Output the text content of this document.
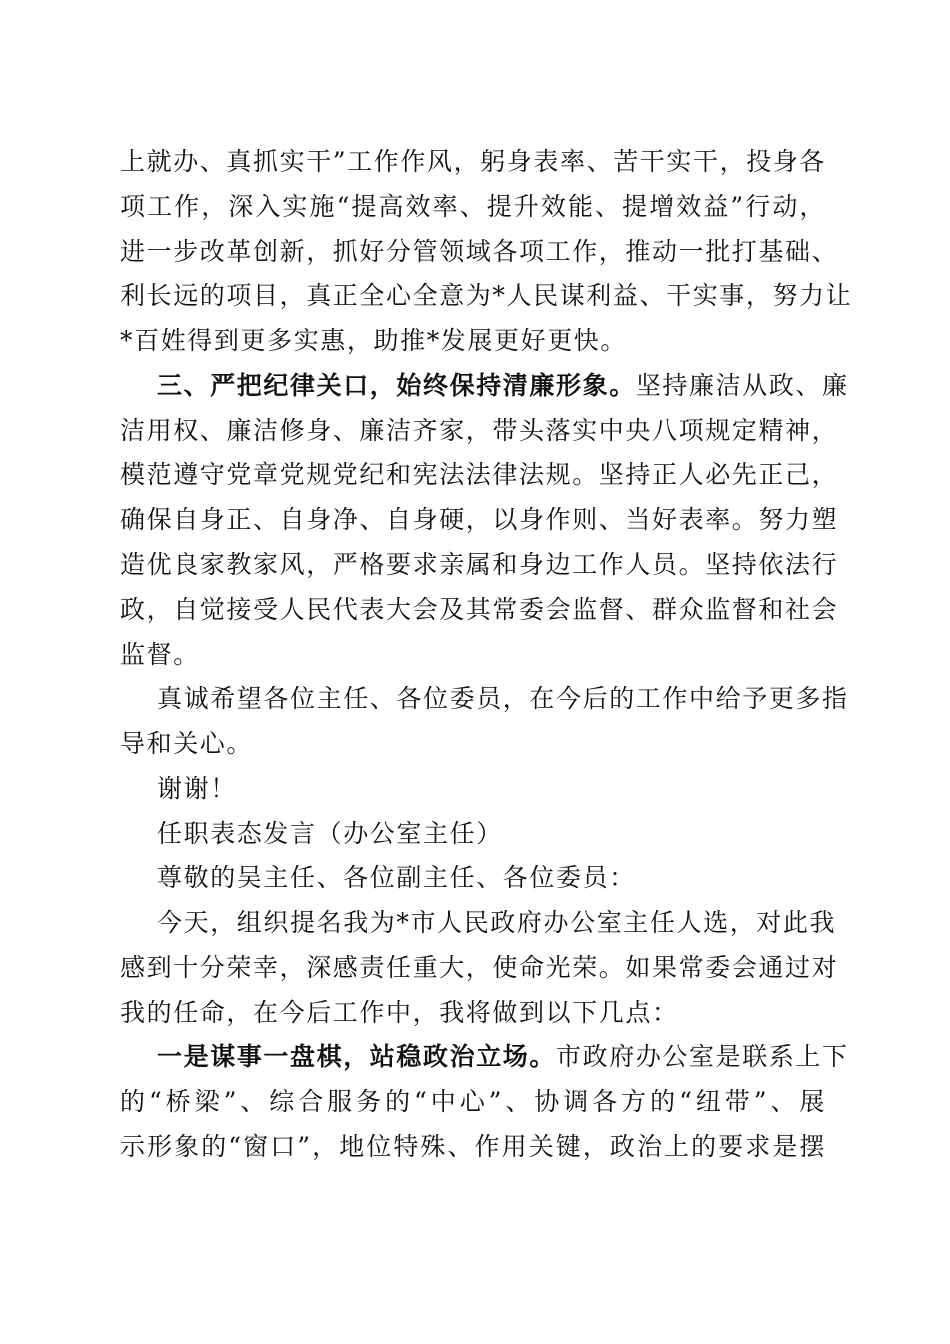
上就办、真抓实干”工作作风，躬身表率、苦干实干，投身各
项工作，深入实施“提高效率、提升效能、提增效益”行动，
进一步改革创新，抓好分管领域各项工作，推动一批打基础、
利长远的项目，真正全心全意为*人民谋利益、干实事，努力让
*百姓得到更多实惠，助推*发展更好更快。
三、严把纪律关口，始终保持清廉形象。坚持廉洁从政、廉
洁用权、廉洁修身、廉洁齐家，带头落实中央八项规定精神，
模范遵守党章党规党纪和宪法法律法规。坚持正人必先正己，
确保自身正、自身净、自身硬，以身作则、当好表率。努力塑
造优良家教家风，严格要求亲属和身边工作人员。坚持依法行
政，自觉接受人民代表大会及其常委会监督、群众监督和社会
监督。
真诚希望各位主任、各位委员，在今后的工作中给予更多指
导和关心。
谢谢！
任职表态发言（办公室主任）
尊敬的吴主任、各位副主任、各位委员：
今天，组织提名我为*市人民政府办公室主任人选，对此我
感到十分荣幸，深感责任重大，使命光荣。如果常委会通过对
我的任命，在今后工作中，我将做到以下几点：
一是谋事一盘棋，站稳政治立场。市政府办公室是联系上下
的“桥梁”、综合服务的“中心”、协调各方的“纽带”、展
示形象的“窗口”，地位特殊、作用关键，政治上的要求是摆
